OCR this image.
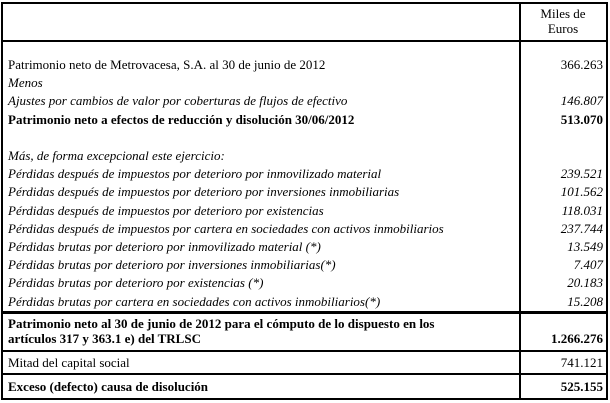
Miles de
Euros
Patrimonio neto de Metrovacesa, S.A. al 30 de junio de 2012	366.263
Menos
Ajustes por cambios de valor por coberturas de flujos de efectivo	146.807
Patrimonio neto a efectos de reducción y disolución 30/06/2012	513.070
Más, de forma excepcional este ejercicio:
Pérdidas después de impuestos por deterioro por inmovilizado material	239.521
Pérdidas después de impuestos por deterioro por inversiones inmobiliarias	101.562
Pérdidas después de impuestos por deterioro por existencias	118.031
Pérdidas después de impuestos por cartera en sociedades con activos inmobiliarios	237.744
Pérdidas brutas por deterioro por inmovilizado material (*)	13.549
Pérdidas brutas por deterioro por inversiones inmobiliarias(*)	7.407
Pérdidas brutas por deterioro por existencias (*)	20.183
Pérdidas brutas por cartera en sociedades con activos inmobiliarios(*)	15.208
Patrimonio neto al 30 de junio de 2012 para el cómputo de lo dispuesto en los
artículos 317 y 363.1 e) del TRLSC	1.266.276
Mitad del capital social	741.121
Exceso (defecto) causa de disolución	525.155
